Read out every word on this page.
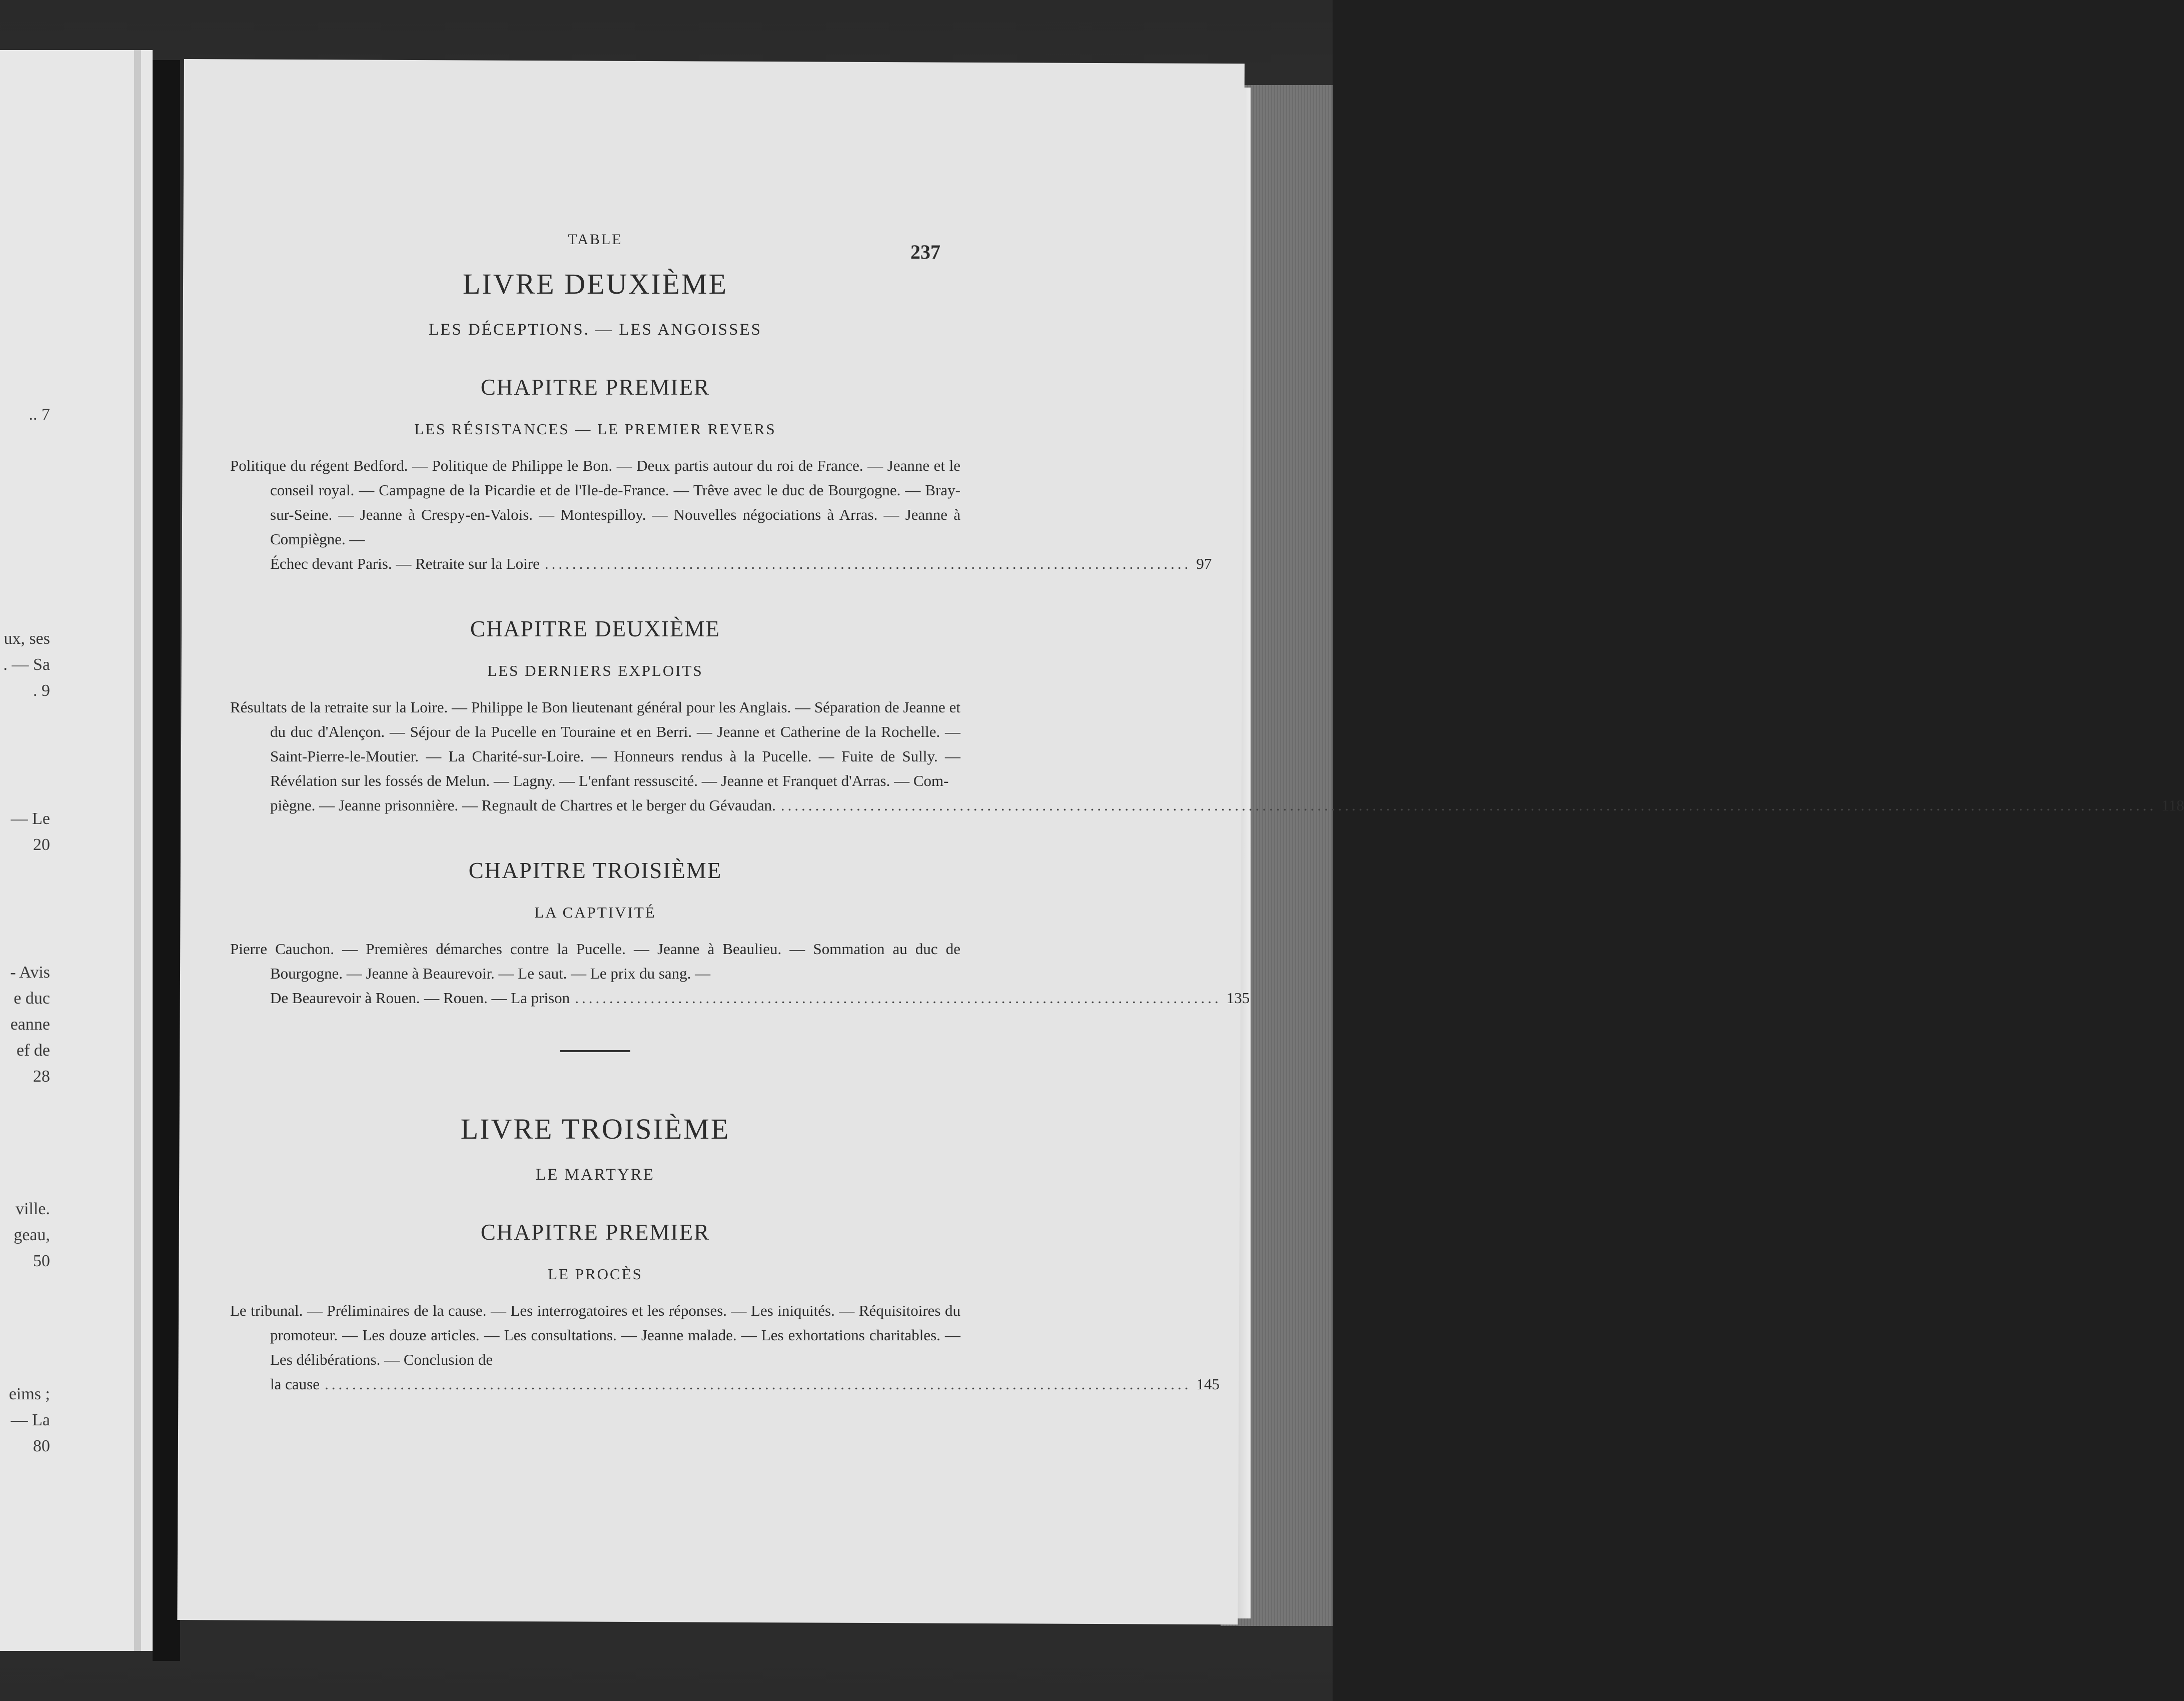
.. 7
ux, ses
. — Sa
. 9
— Le
20
- Avis
e duc
eanne
ef de
28
ville.
geau,
50
eims ;
— La
80
TABLE
237
LIVRE DEUXIÈME
LES DÉCEPTIONS. — LES ANGOISSES
CHAPITRE PREMIER
LES RÉSISTANCES — LE PREMIER REVERS
Politique du régent Bedford. — Politique de Philippe le Bon. — Deux partis autour du roi de France. — Jeanne et le conseil royal. — Campagne de la Picardie et de l'Ile-de-France. — Trêve avec le duc de Bourgogne. — Bray-sur-Seine. — Jeanne à Crespy-en-Valois. — Montespilloy. — Nouvelles négociations à Arras. — Jeanne à Compiègne. —
Échec devant Paris. — Retraite sur la Loire .............................................................................................. 97
CHAPITRE DEUXIÈME
LES DERNIERS EXPLOITS
Résultats de la retraite sur la Loire. — Philippe le Bon lieutenant général pour les Anglais. — Séparation de Jeanne et du duc d'Alençon. — Séjour de la Pucelle en Touraine et en Berri. — Jeanne et Catherine de la Rochelle. — Saint-Pierre-le-Moutier. — La Charité-sur-Loire. — Honneurs rendus à la Pucelle. — Fuite de Sully. — Révélation sur les fossés de Melun. — Lagny. — L'enfant ressuscité. — Jeanne et Franquet d'Arras. — Com-
piègne. — Jeanne prisonnière. — Regnault de Chartres et le berger du Gévaudan. ........................................................................................................................................................................................................ 118
CHAPITRE TROISIÈME
LA CAPTIVITÉ
Pierre Cauchon. — Premières démarches contre la Pucelle. — Jeanne à Beaulieu. — Sommation au duc de Bourgogne. — Jeanne à Beaurevoir. — Le saut. — Le prix du sang. —
De Beaurevoir à Rouen. — Rouen. — La prison .............................................................................................. 135
LIVRE TROISIÈME
LE MARTYRE
CHAPITRE PREMIER
LE PROCÈS
Le tribunal. — Préliminaires de la cause. — Les interrogatoires et les réponses. — Les iniquités. — Réquisitoires du promoteur. — Les douze articles. — Les consultations. — Jeanne malade. — Les exhortations charitables. — Les délibérations. — Conclusion de
la cause .............................................................................................................................. 145
